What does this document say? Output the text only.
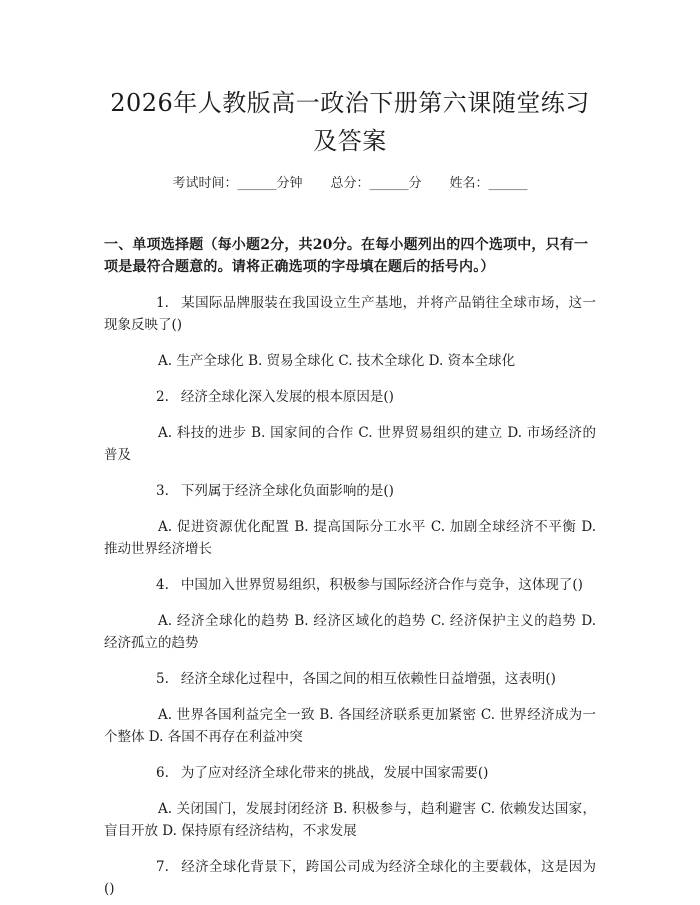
2026年人教版高一政治下册第六课随堂练习及答案
考试时间：______分钟 总分：______分 姓名：______
一、单项选择题（每小题2分，共20分。在每小题列出的四个选项中，只有一项是最符合题意的。请将正确选项的字母填在题后的括号内。）
1. 某国际品牌服装在我国设立生产基地，并将产品销往全球市场，这一现象反映了()
A. 生产全球化 B. 贸易全球化 C. 技术全球化 D. 资本全球化
2. 经济全球化深入发展的根本原因是()
A. 科技的进步 B. 国家间的合作 C. 世界贸易组织的建立 D. 市场经济的普及
3. 下列属于经济全球化负面影响的是()
A. 促进资源优化配置 B. 提高国际分工水平 C. 加剧全球经济不平衡 D. 推动世界经济增长
4. 中国加入世界贸易组织，积极参与国际经济合作与竞争，这体现了()
A. 经济全球化的趋势 B. 经济区域化的趋势 C. 经济保护主义的趋势 D. 经济孤立的趋势
5. 经济全球化过程中，各国之间的相互依赖性日益增强，这表明()
A. 世界各国利益完全一致 B. 各国经济联系更加紧密 C. 世界经济成为一个整体 D. 各国不再存在利益冲突
6. 为了应对经济全球化带来的挑战，发展中国家需要()
A. 关闭国门，发展封闭经济 B. 积极参与，趋利避害 C. 依赖发达国家，盲目开放 D. 保持原有经济结构，不求发展
7. 经济全球化背景下，跨国公司成为经济全球化的主要载体，这是因为()
